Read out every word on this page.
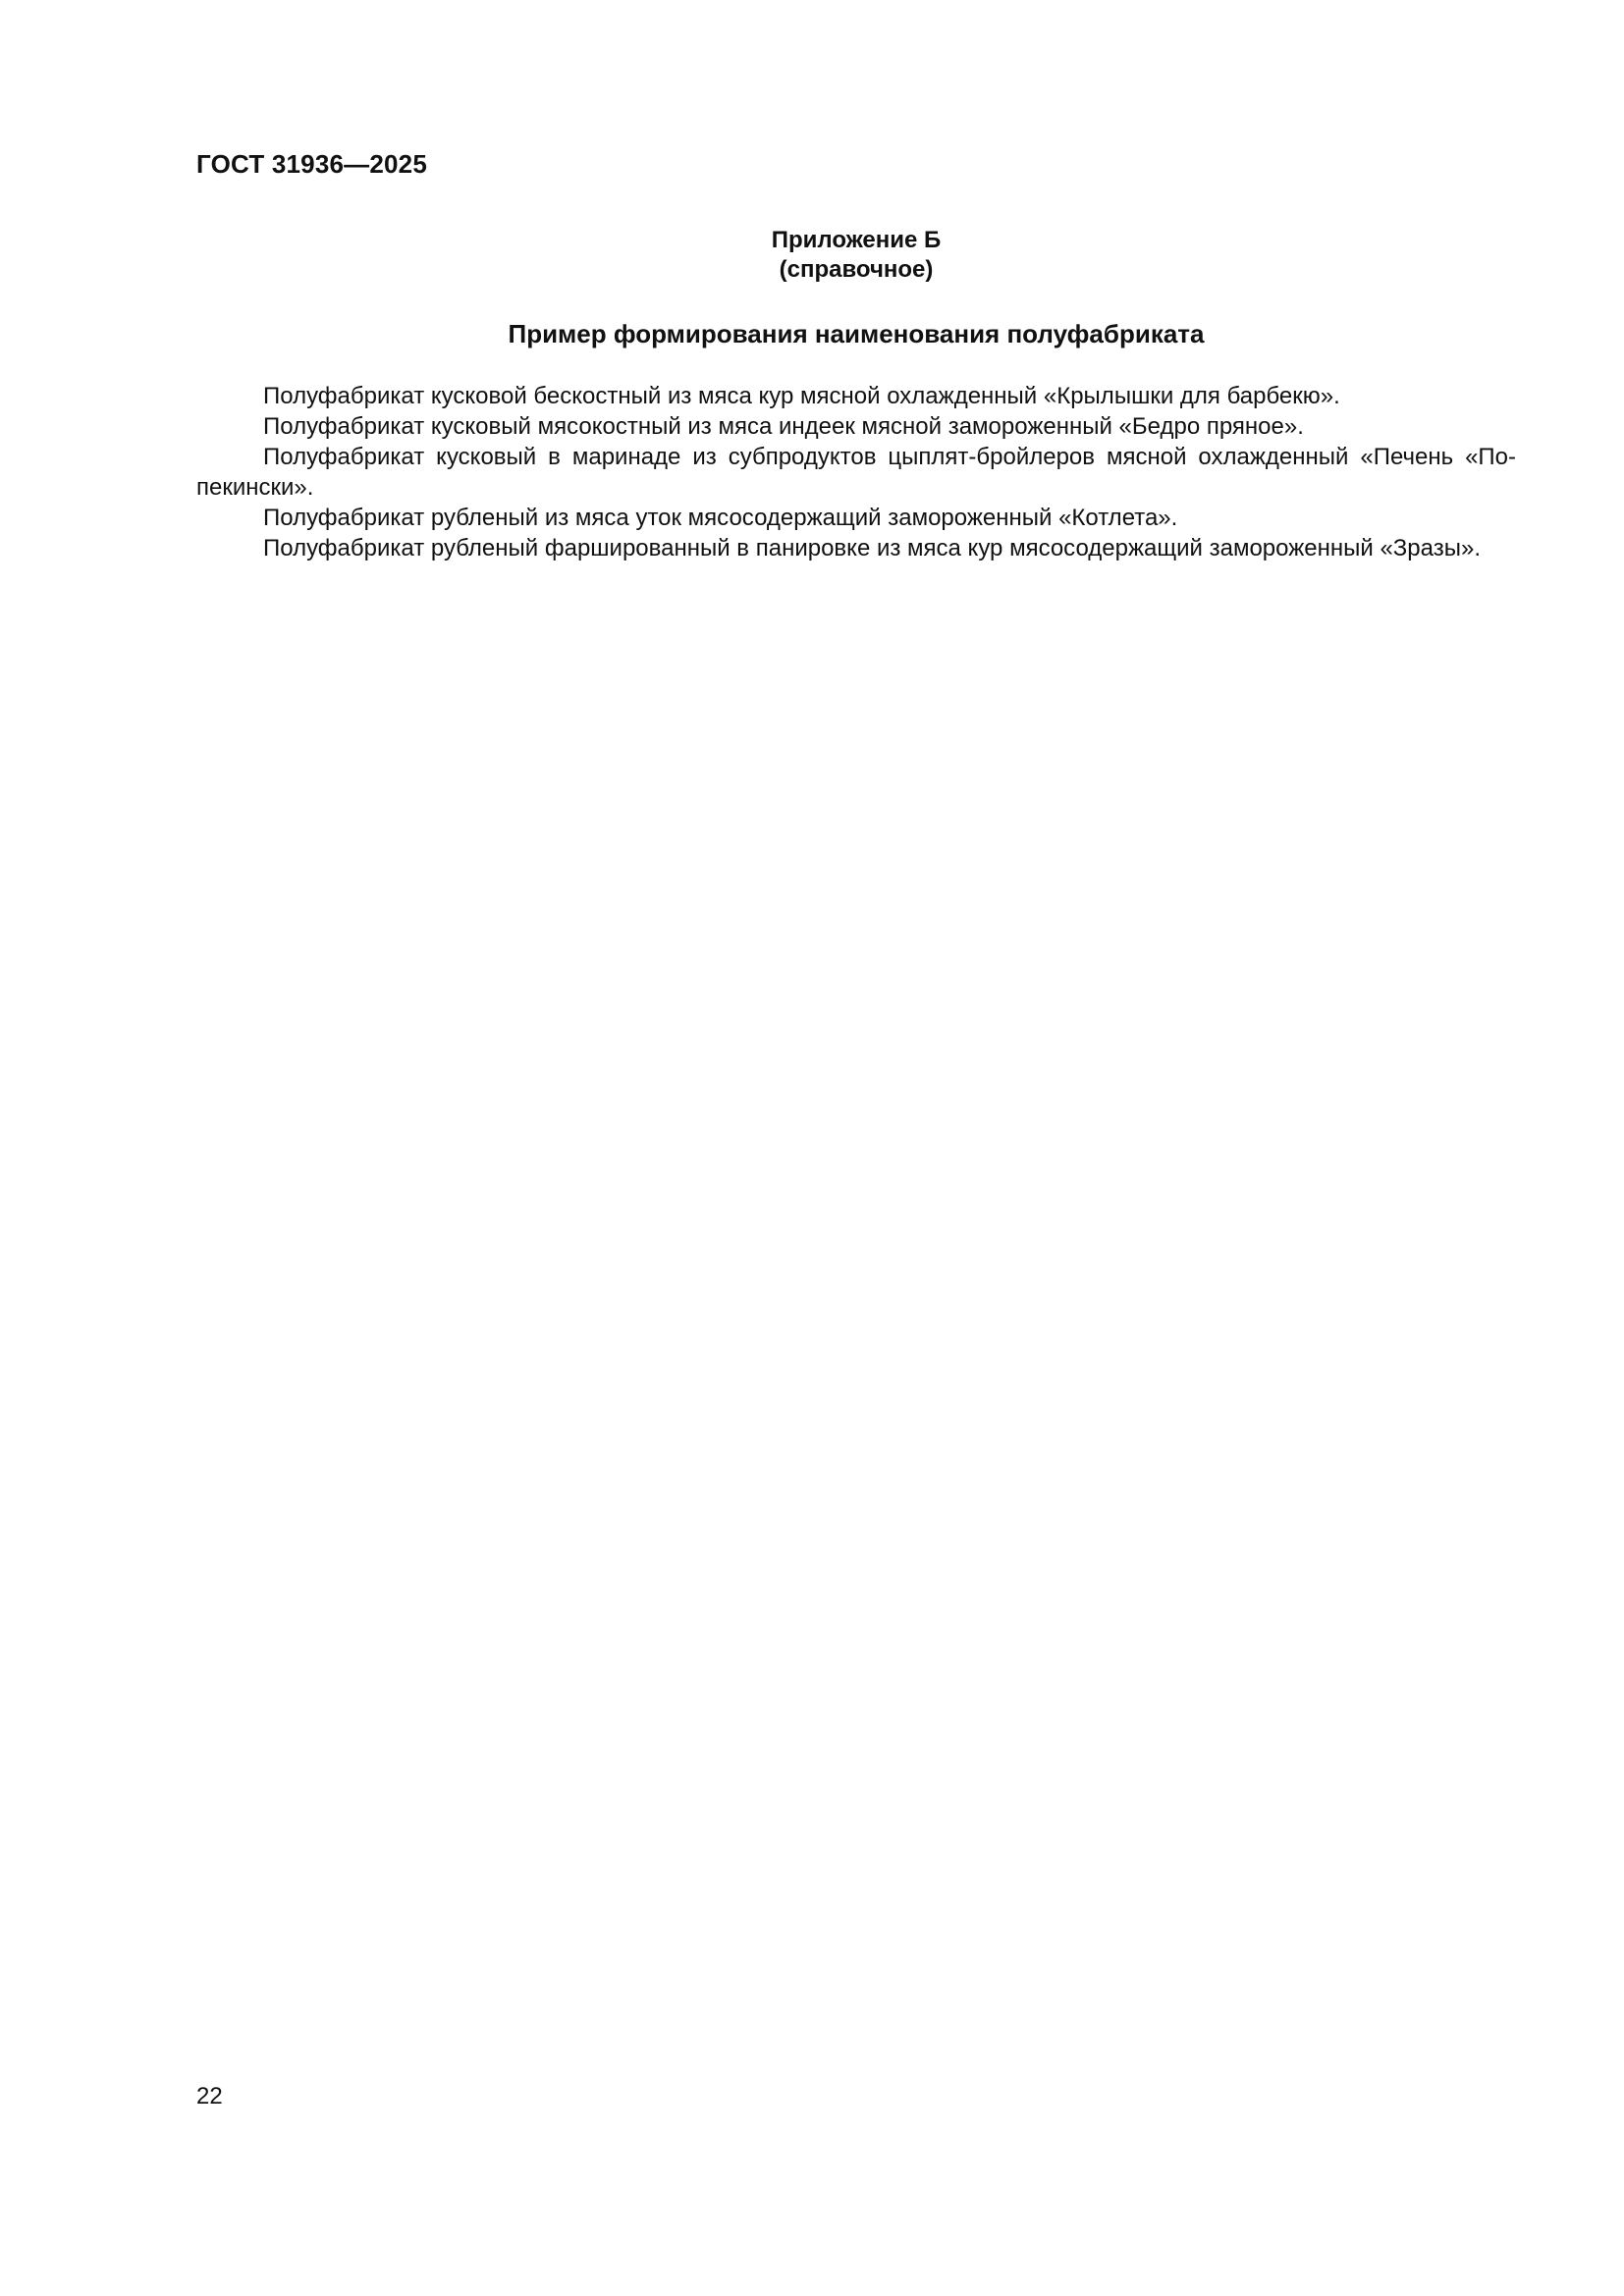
ГОСТ 31936—2025
Приложение Б
(справочное)
Пример формирования наименования полуфабриката

Полуфабрикат кусковой бескостный из мяса кур мясной охлажденный «Крылышки для барбекю».

Полуфабрикат кусковый мясокостный из мяса индеек мясной замороженный «Бедро пряное».

Полуфабрикат кусковый в маринаде из субпродуктов цыплят-бройлеров мясной охлажденный «Печень «По-пекински».

Полуфабрикат рубленый из мяса уток мясосодержащий замороженный «Котлета».

Полуфабрикат рубленый фаршированный в панировке из мяса кур мясосодержащий замороженный «Зразы».

22
